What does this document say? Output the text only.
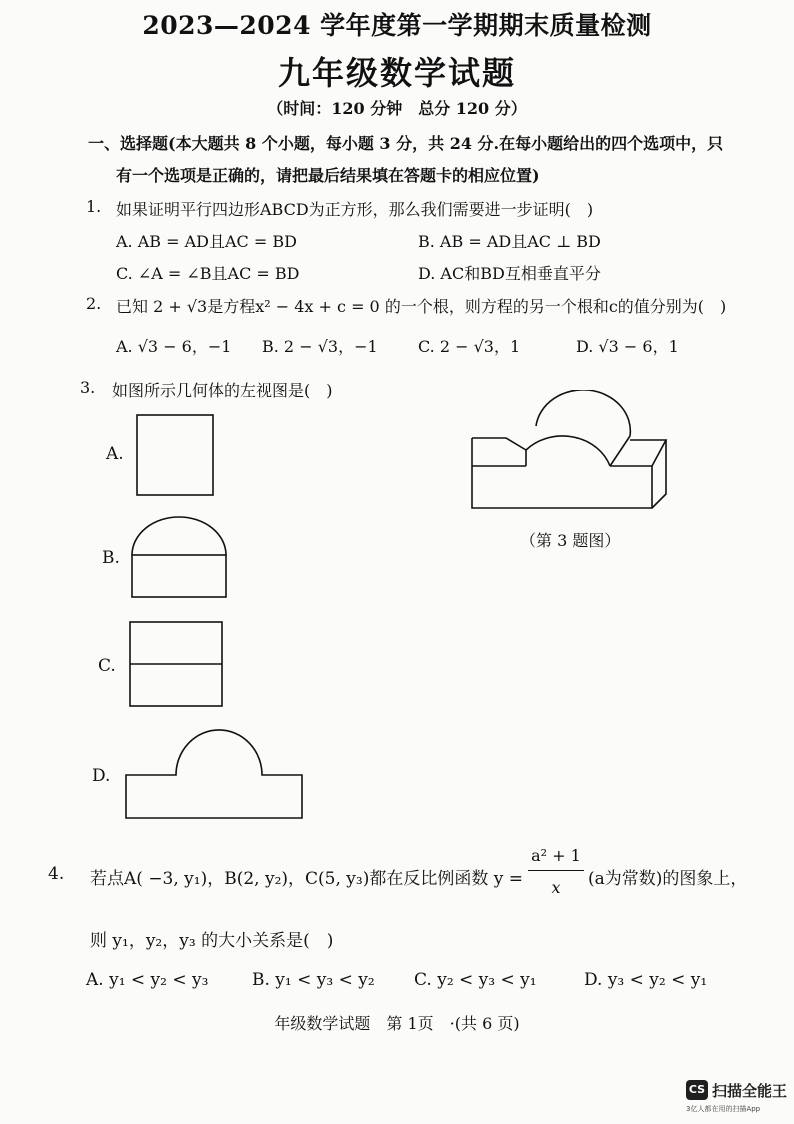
2023—2024 学年度第一学期期末质量检测
九年级数学试题
（时间：120 分钟　总分 120 分）
一、选择题(本大题共 8 个小题，每小题 3 分，共 24 分.在每小题给出的四个选项中，只
有一个选项是正确的，请把最后结果填在答题卡的相应位置)
1. 如果证明平行四边形ABCD为正方形，那么我们需要进一步证明(　)
A. AB = AD且AC = BD	B. AB = AD且AC ⊥ BD
C. ∠A = ∠B且AC = BD	D. AC和BD互相垂直平分
2. 已知 2 + √3是方程x² − 4x + c = 0 的一个根，则方程的另一个根和c的值分别为(　)
A. √3 − 6，−1 B. 2 − √3，−1	C. 2 − √3，1	D. √3 − 6，1
3. 如图所示几何体的左视图是(　)
A.
B.
C.
D.
（第 3 题图）
4. 若点A( −3, y₁)，B(2, y₂)，C(5, y₃)都在反比例函数 y =
a² + 1
x	(a为常数)的图象上，
则 y₁，y₂，y₃ 的大小关系是(　)
A. y₁ < y₂ < y₃	B. y₁ < y₃ < y₂ C. y₂ < y₃ < y₁	D. y₃ < y₂ < y₁
年级数学试题　第 1页　·(共 6 页)
CS 扫描全能王
3亿人都在用的扫描App
